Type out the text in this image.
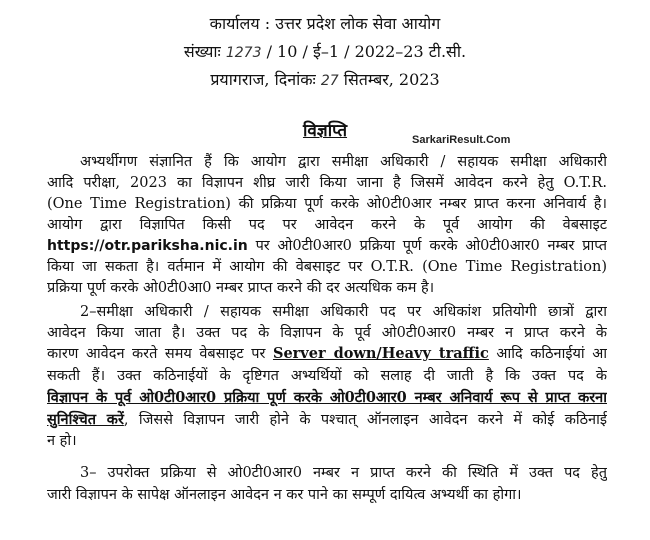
कार्यालय : उत्तर प्रदेश लोक सेवा आयोग
संख्याः 1273 / 10 / ई–1 / 2022–23 टी.सी.
प्रयागराज, दिनांकः 27 सितम्बर, 2023
विज्ञप्ति	SarkariResult.Com
अभ्यर्थीगण संज्ञानित हैं कि आयोग द्वारा समीक्षा अधिकारी / सहायक समीक्षा अधिकारी
आदि परीक्षा, 2023 का विज्ञापन शीघ्र जारी किया जाना है जिसमें आवेदन करने हेतु O.T.R.
(One Time Registration) की प्रक्रिया पूर्ण करके ओ0टी0आर नम्बर प्राप्त करना अनिवार्य है।
आयोग द्वारा विज्ञापित किसी पद पर आवेदन करने के पूर्व आयोग की वेबसाइट
https://otr.pariksha.nic.in पर ओ0टी0आर0 प्रक्रिया पूर्ण करके ओ0टी0आर0 नम्बर प्राप्त
किया जा सकता है। वर्तमान में आयोग की वेबसाइट पर O.T.R. (One Time Registration)
प्रक्रिया पूर्ण करके ओ0टी0आ0 नम्बर प्राप्त करने की दर अत्यधिक कम है।
2–समीक्षा अधिकारी / सहायक समीक्षा अधिकारी पद पर अधिकांश प्रतियोगी छात्रों द्वारा
आवेदन किया जाता है। उक्त पद के विज्ञापन के पूर्व ओ0टी0आर0 नम्बर न प्राप्त करने के
कारण आवेदन करते समय वेबसाइट पर Server down/Heavy traffic आदि कठिनाईयां आ
सकती हैं। उक्त कठिनाईयों के दृष्टिगत अभ्यर्थियों को सलाह दी जाती है कि उक्त पद के
विज्ञापन के पूर्व ओ0टी0आर0 प्रक्रिया पूर्ण करके ओ0टी0आर0 नम्बर अनिवार्य रूप से प्राप्त करना
सुनिश्चित करें, जिससे विज्ञापन जारी होने के पश्चात् ऑनलाइन आवेदन करने में कोई कठिनाई
न हो।
3– उपरोक्त प्रक्रिया से ओ0टी0आर0 नम्बर न प्राप्त करने की स्थिति में उक्त पद हेतु
जारी विज्ञापन के सापेक्ष ऑनलाइन आवेदन न कर पाने का सम्पूर्ण दायित्व अभ्यर्थी का होगा।
